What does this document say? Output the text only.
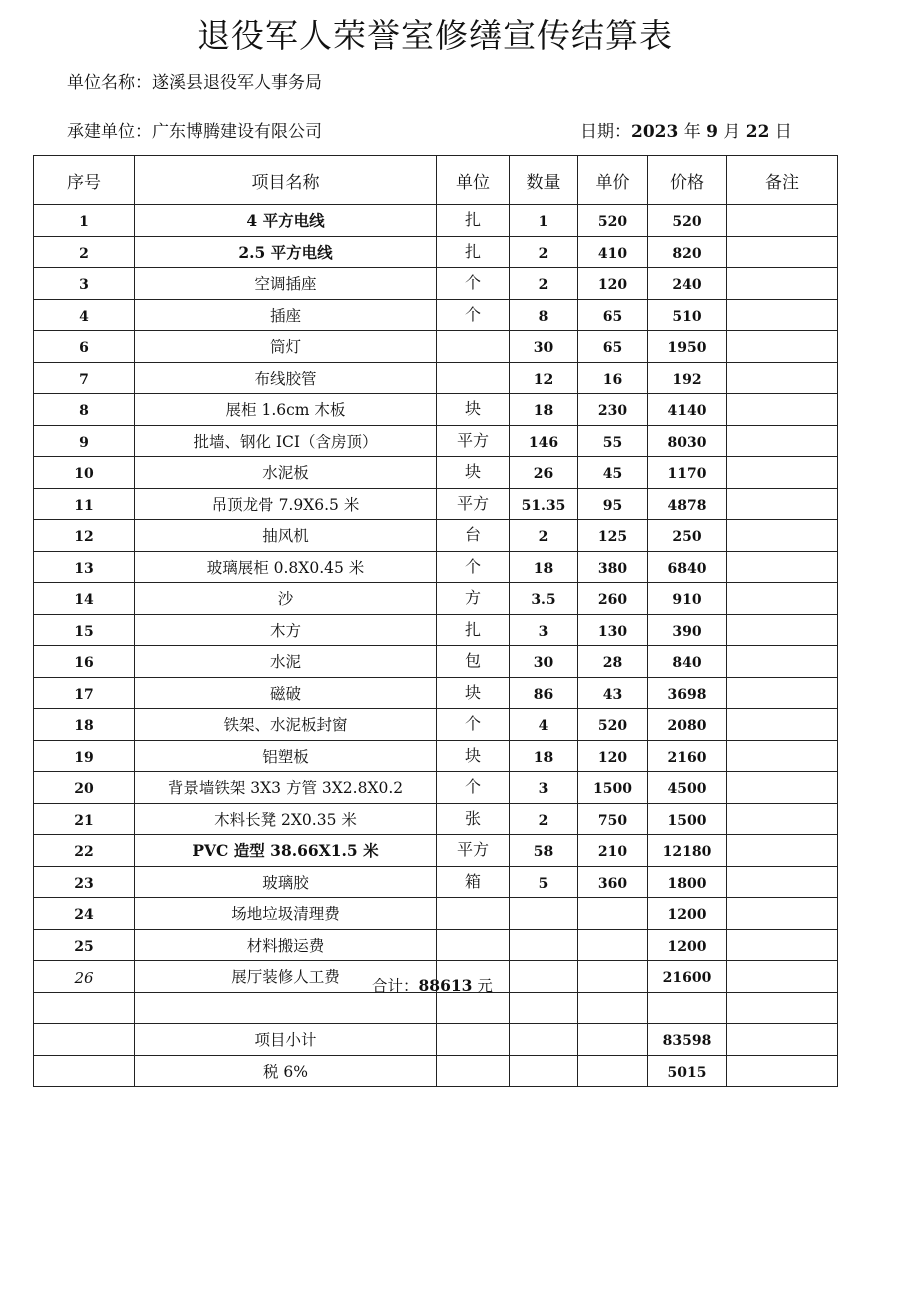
退役军人荣誉室修缮宣传结算表
单位名称：遂溪县退役军人事务局
承建单位：广东博腾建设有限公司	日期：2023 年 9 月 22 日
序号	项目名称	单位	数量	单价	价格	备注
1	4 平方电线	扎	1	520	520	
2	2.5 平方电线	扎	2	410	820	
3	空调插座	个	2	120	240	
4	插座	个	8	65	510	
6	筒灯		30	65	1950	
7	布线胶管		12	16	192	
8	展柜 1.6cm 木板	块	18	230	4140	
9	批墙、钢化 ICI（含房顶）	平方	146	55	8030	
10	水泥板	块	26	45	1170	
11	吊顶龙骨 7.9X6.5 米	平方	51.35	95	4878	
12	抽风机	台	2	125	250	
13	玻璃展柜 0.8X0.45 米	个	18	380	6840	
14	沙	方	3.5	260	910	
15	木方	扎	3	130	390	
16	水泥	包	30	28	840	
17	磁破	块	86	43	3698	
18	铁架、水泥板封窗	个	4	520	2080	
19	铝塑板	块	18	120	2160	
20	背景墙铁架 3X3 方管 3X2.8X0.2	个	3	1500	4500	
21	木料长凳 2X0.35 米	张	2	750	1500	
22	PVC 造型 38.66X1.5 米	平方	58	210	12180	
23	玻璃胶	箱	5	360	1800	
24	场地垃圾清理费				1200	
25	材料搬运费				1200	
26	展厅装修人工费				21600	

	项目小计				83598	
	税 6%				5015	
合计：88613 元
